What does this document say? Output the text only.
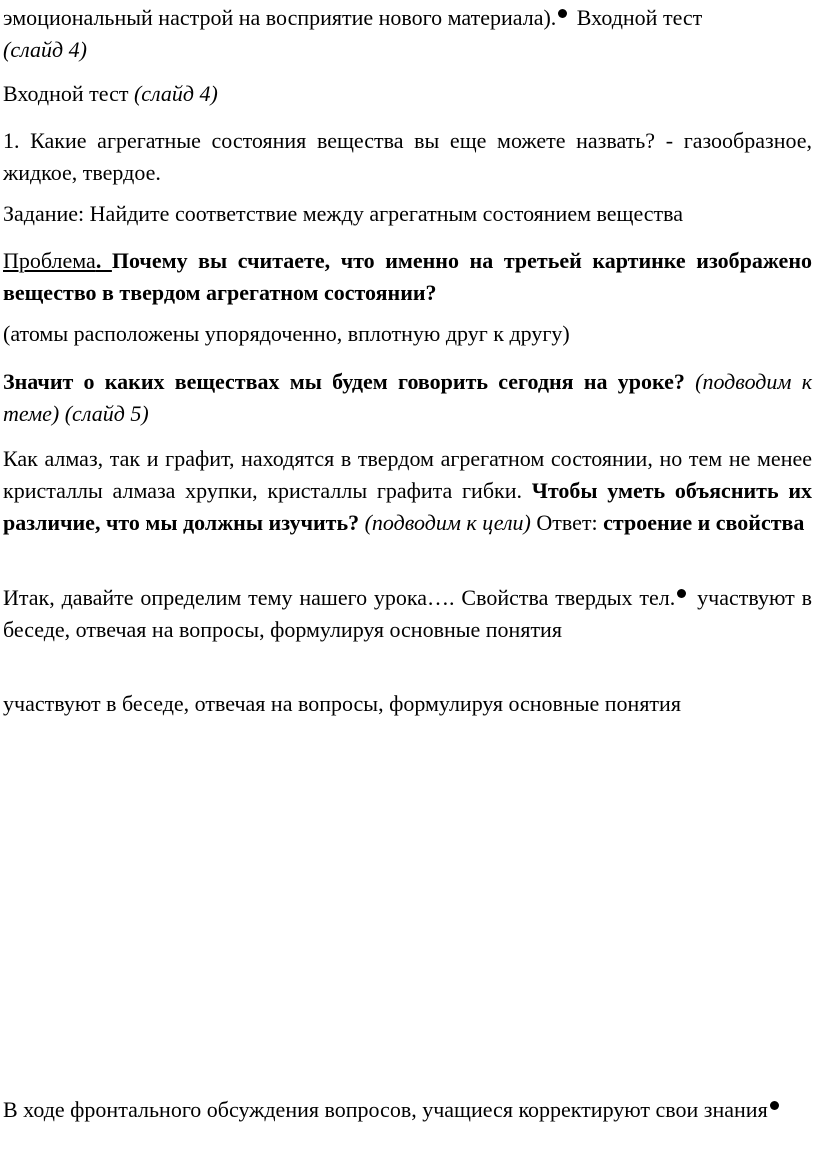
эмоциональный настрой на восприятие нового материала). Входной тест
(слайд 4)

Входной тест (слайд 4)

1. Какие агрегатные состояния вещества вы еще можете назвать? - газообразное, жидкое, твердое.

Задание: Найдите соответствие между агрегатным состоянием вещества

Проблема. Почему вы считаете, что именно на третьей картинке изображено вещество в твердом агрегатном состоянии?

(атомы расположены упорядоченно, вплотную друг к другу)

Значит о каких веществах мы будем говорить сегодня на уроке? (подводим к теме) (слайд 5)

Как алмаз, так и графит, находятся в твердом агрегатном состоянии, но тем не менее кристаллы алмаза хрупки, кристаллы графита гибки. Чтобы уметь объяснить их различие, что мы должны изучить? (подводим к цели) Ответ: строение и свойства

Итак, давайте определим тему нашего урока…. Свойства твердых тел. участвуют в беседе, отвечая на вопросы, формулируя основные понятия

участвуют в беседе, отвечая на вопросы, формулируя основные понятия

В ходе фронтального обсуждения вопросов, учащиеся корректируют свои знания
